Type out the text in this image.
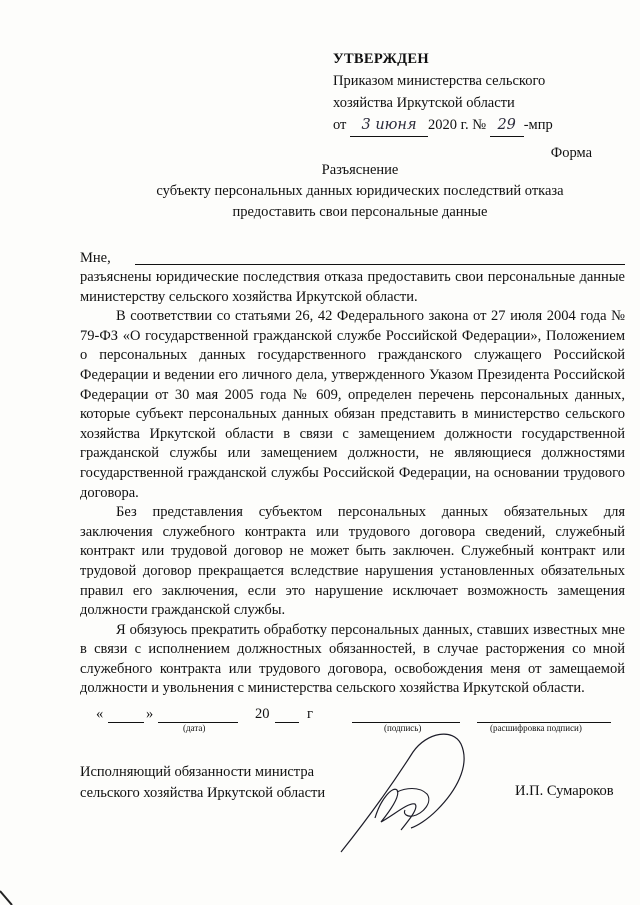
УТВЕРЖДЕН
Приказом министерства сельского
хозяйства Иркутской области
от 3 июня 2020 г. № 29 -мпр
Форма
Разъяснение
субъекту персональных данных юридических последствий отказа
предоставить свои персональные данные
Мне,

разъяснены юридические последствия отказа предоставить свои персональные данные министерству сельского хозяйства Иркутской области.

В соответствии со статьями 26, 42 Федерального закона от 27 июля 2004 года № 79-ФЗ «О государственной гражданской службе Российской Федерации», Положением о персональных данных государственного гражданского служащего Российской Федерации и ведении его личного дела, утвержденного Указом Президента Российской Федерации от 30 мая 2005 года № 609, определен перечень персональных данных, которые субъект персональных данных обязан представить в министерство сельского хозяйства Иркутской области в связи с замещением должности государственной гражданской службы или замещением должности, не являющиеся должностями государственной гражданской службы Российской Федерации, на основании трудового договора.

Без представления субъектом персональных данных обязательных для заключения служебного контракта или трудового договора сведений, служебный контракт или трудовой договор не может быть заключен. Служебный контракт или трудовой договор прекращается вследствие нарушения установленных обязательных правил его заключения, если это нарушение исключает возможность замещения должности гражданской службы.

Я обязуюсь прекратить обработку персональных данных, ставших известных мне в связи с исполнением должностных обязанностей, в случае расторжения со мной служебного контракта или трудового договора, освобождения меня от замещаемой должности и увольнения с министерства сельского хозяйства Иркутской области.

«	»	20	г
(дата)	(подпись)	(расшифровка подписи)
Исполняющий обязанности министра
сельского хозяйства Иркутской области	И.П. Сумароков
